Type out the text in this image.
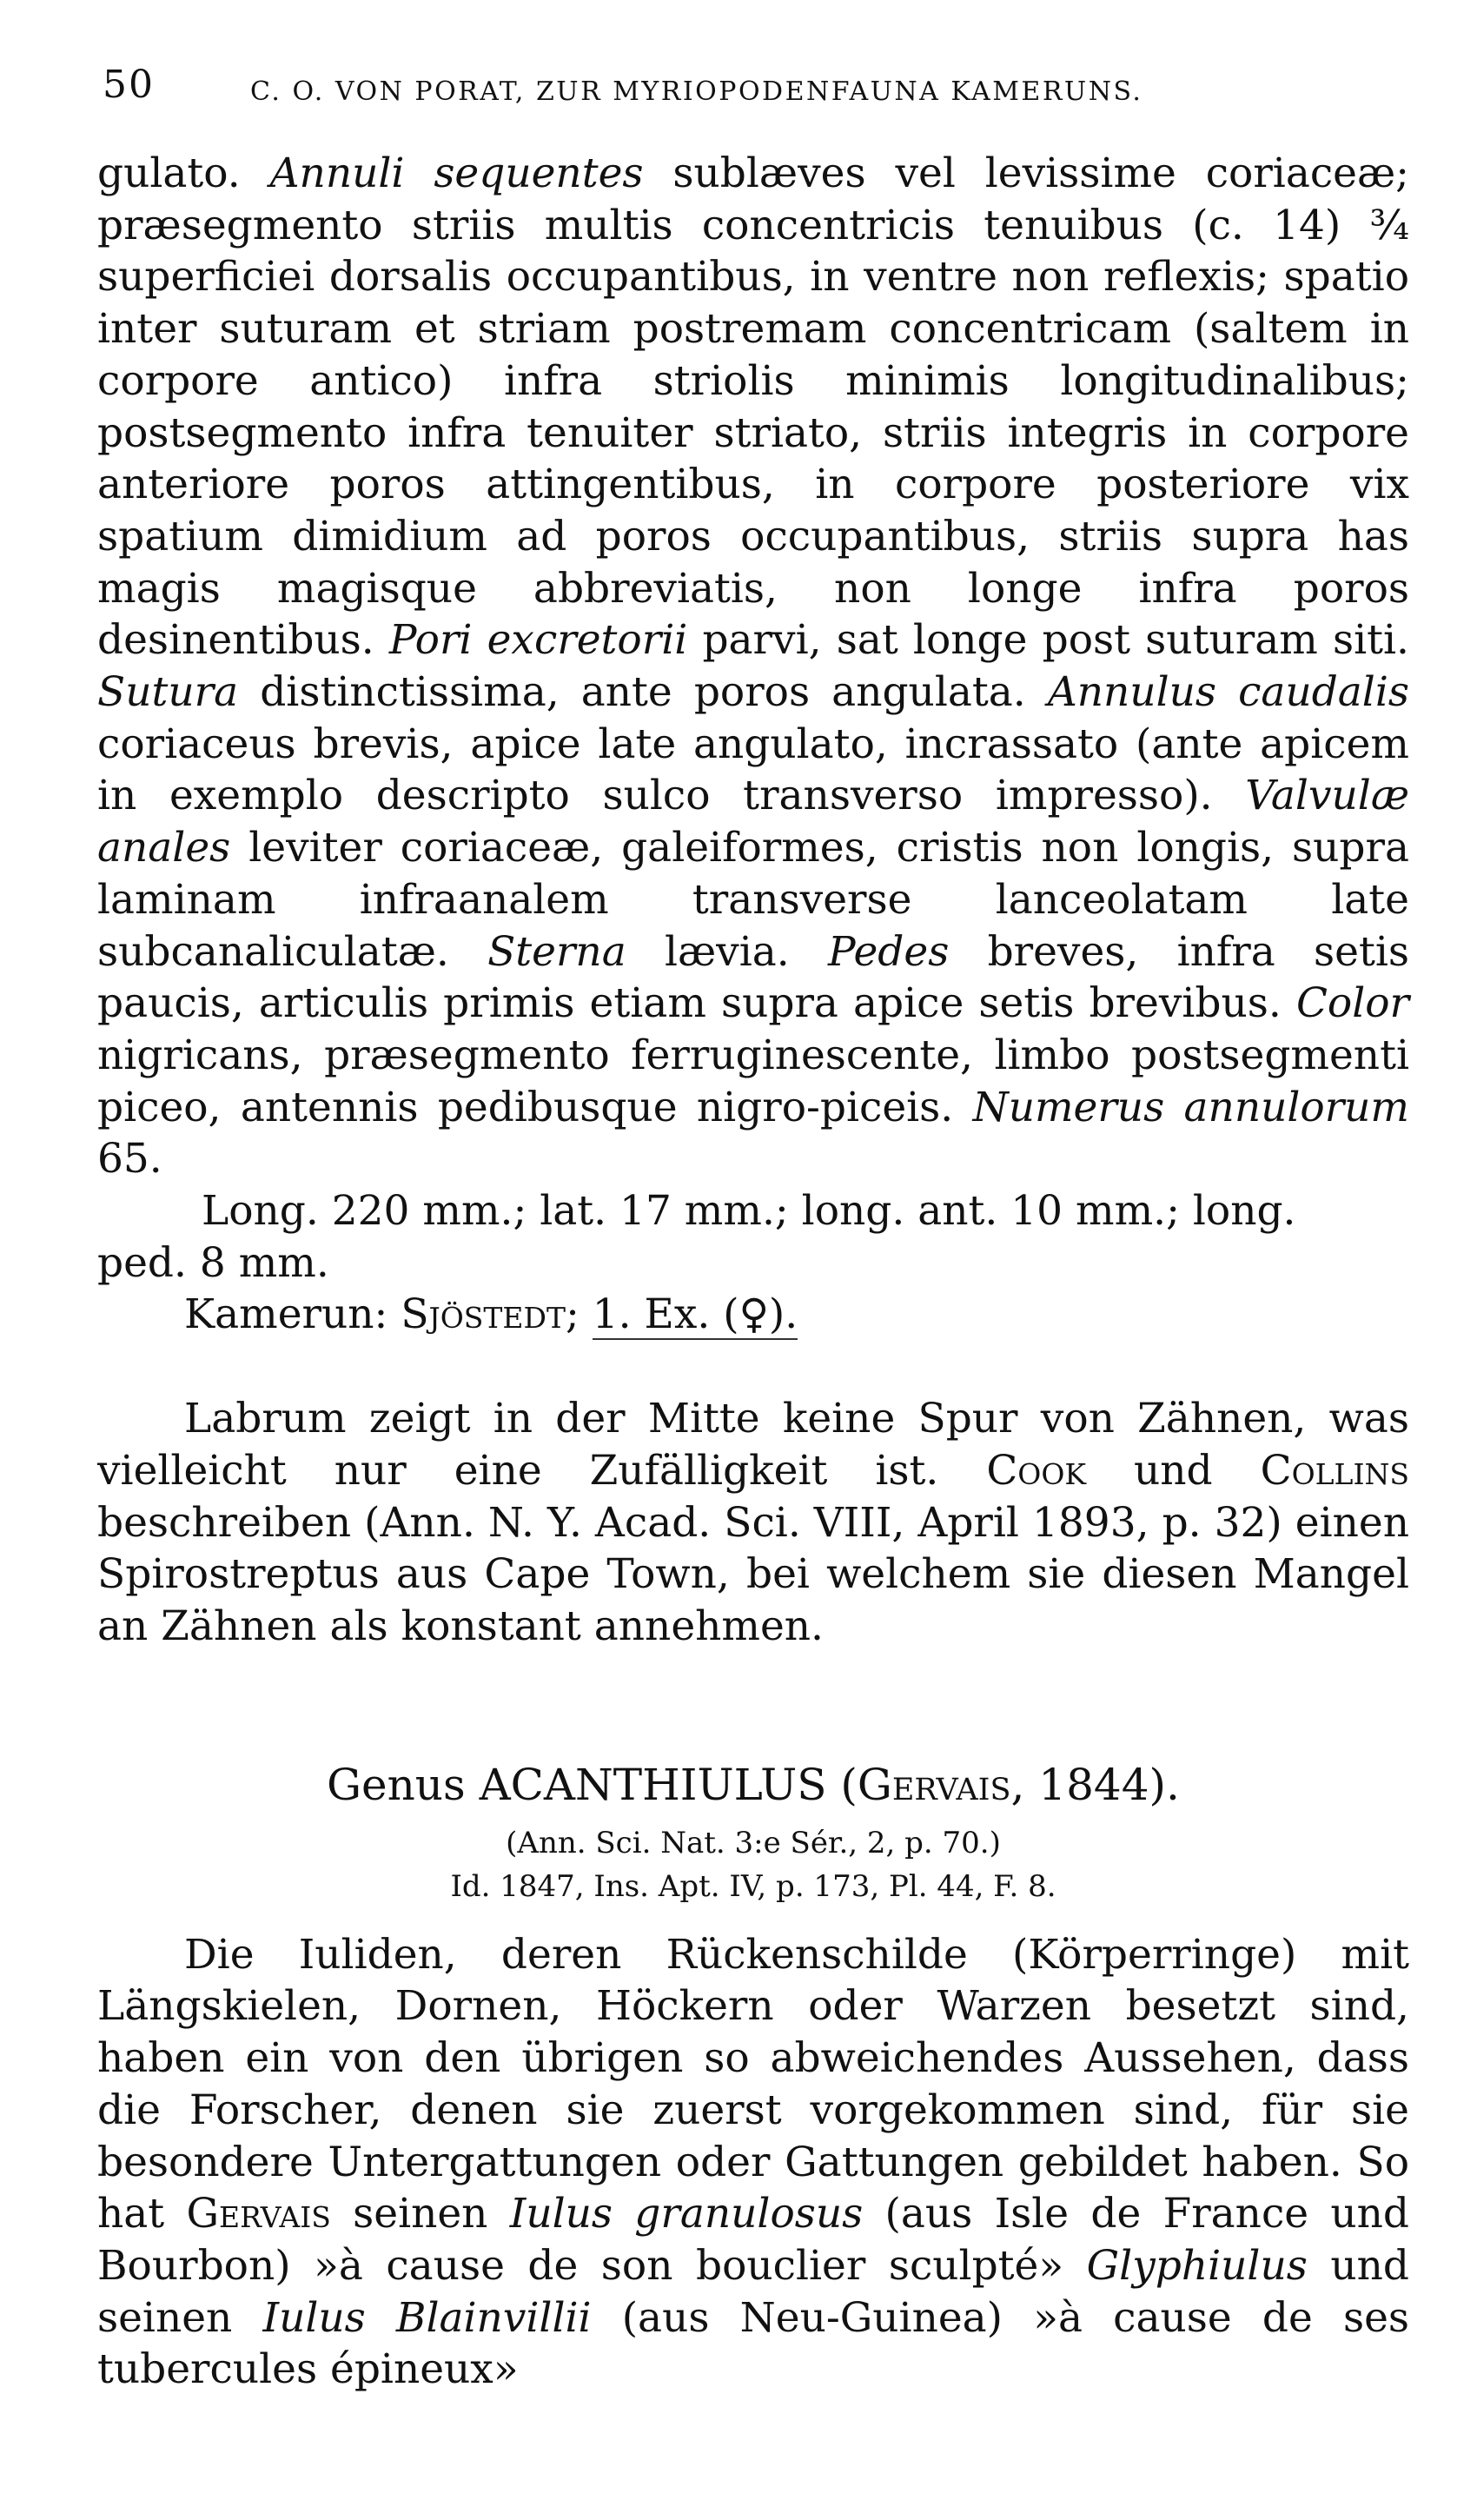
50	C. O. VON PORAT, ZUR MYRIOPODENFAUNA KAMERUNS.

gulato. Annuli sequentes sublæves vel levissime coriaceæ; præsegmento striis multis concentricis tenuibus (c. 14) ¾ superficiei dorsalis occupantibus, in ventre non reflexis; spatio inter suturam et striam postremam concentricam (saltem in corpore antico) infra striolis minimis longitudinalibus; postsegmento infra tenuiter striato, striis integris in corpore anteriore poros attingentibus, in corpore posteriore vix spatium dimidium ad poros occupantibus, striis supra has magis magisque abbreviatis, non longe infra poros desinentibus. Pori excretorii parvi, sat longe post suturam siti. Sutura distinctissima, ante poros angulata. Annulus caudalis coriaceus brevis, apice late angulato, incrassato (ante apicem in exemplo descripto sulco transverso impresso). Valvulæ anales leviter coriaceæ, galeiformes, cristis non longis, supra laminam infraanalem transverse lanceolatam late subcanaliculatæ. Sterna lævia. Pedes breves, infra setis paucis, articulis primis etiam supra apice setis brevibus. Color nigricans, præsegmento ferruginescente, limbo postsegmenti piceo, antennis pedibusque nigro-piceis. Numerus annulorum 65.

Long. 220 mm.; lat. 17 mm.; long. ant. 10 mm.; long.

ped. 8 mm.

Kamerun: Sjöstedt; 1. Ex. (♀).

Labrum zeigt in der Mitte keine Spur von Zähnen, was vielleicht nur eine Zufälligkeit ist. Cook und Collins beschreiben (Ann. N. Y. Acad. Sci. VIII, April 1893, p. 32) einen Spirostreptus aus Cape Town, bei welchem sie diesen Mangel an Zähnen als konstant annehmen.

Genus ACANTHIULUS (Gervais, 1844).

(Ann. Sci. Nat. 3:e Sér., 2, p. 70.)

Id. 1847, Ins. Apt. IV, p. 173, Pl. 44, F. 8.

Die Iuliden, deren Rückenschilde (Körperringe) mit Längskielen, Dornen, Höckern oder Warzen besetzt sind, haben ein von den übrigen so abweichendes Aussehen, dass die Forscher, denen sie zuerst vorgekommen sind, für sie besondere Untergattungen oder Gattungen gebildet haben. So hat Gervais seinen Iulus granulosus (aus Isle de France und Bourbon) »à cause de son bouclier sculpté» Glyphiulus und seinen Iulus Blainvillii (aus Neu-Guinea) »à cause de ses tubercules épineux»
